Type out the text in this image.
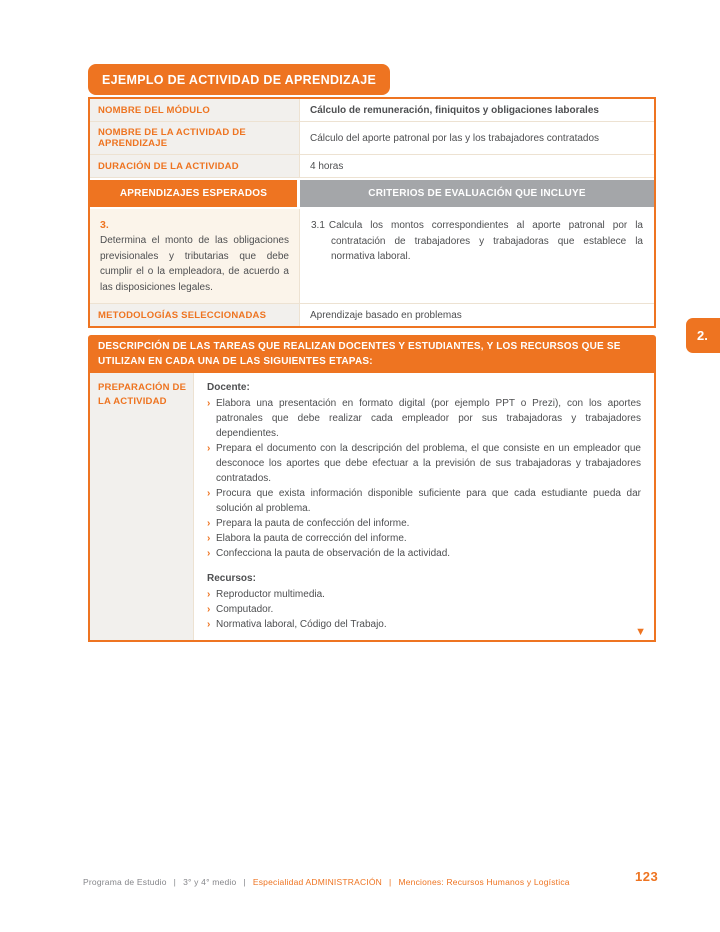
EJEMPLO DE ACTIVIDAD DE APRENDIZAJE
NOMBRE DEL MÓDULO	Cálculo de remuneración, finiquitos y obligaciones laborales
NOMBRE DE LA ACTIVIDAD DE APRENDIZAJE	Cálculo del aporte patronal por las y los trabajadores contratados
DURACIÓN DE LA ACTIVIDAD	4 horas
APRENDIZAJES ESPERADOS	CRITERIOS DE EVALUACIÓN QUE INCLUYE
3.
Determina el monto de las obligaciones previsionales y tributarias que debe cumplir el o la empleadora, de acuerdo a las disposiciones legales.
3.1 Calcula los montos correspondientes al aporte patronal por la contratación de trabajadores y trabajadoras que establece la normativa laboral.
METODOLOGÍAS SELECCIONADAS	Aprendizaje basado en problemas
DESCRIPCIÓN DE LAS TAREAS QUE REALIZAN DOCENTES Y ESTUDIANTES, Y LOS RECURSOS QUE SE UTILIZAN EN CADA UNA DE LAS SIGUIENTES ETAPAS:
PREPARACIÓN DE LA ACTIVIDAD
Docente:
› Elabora una presentación en formato digital (por ejemplo PPT o Prezi), con los aportes patronales que debe realizar cada empleador por sus trabajadoras y trabajadores dependientes.
› Prepara el documento con la descripción del problema, el que consiste en un empleador que desconoce los aportes que debe efectuar a la previsión de sus trabajadoras y trabajadores contratados.
› Procura que exista información disponible suficiente para que cada estudiante pueda dar solución al problema.
› Prepara la pauta de confección del informe.
› Elabora la pauta de corrección del informe.
› Confecciona la pauta de observación de la actividad.
Recursos:
› Reproductor multimedia.
› Computador.
› Normativa laboral, Código del Trabajo.
▼
2.
Programa de Estudio | 3° y 4° medio | Especialidad ADMINISTRACIÓN | Menciones: Recursos Humanos y Logística	123
